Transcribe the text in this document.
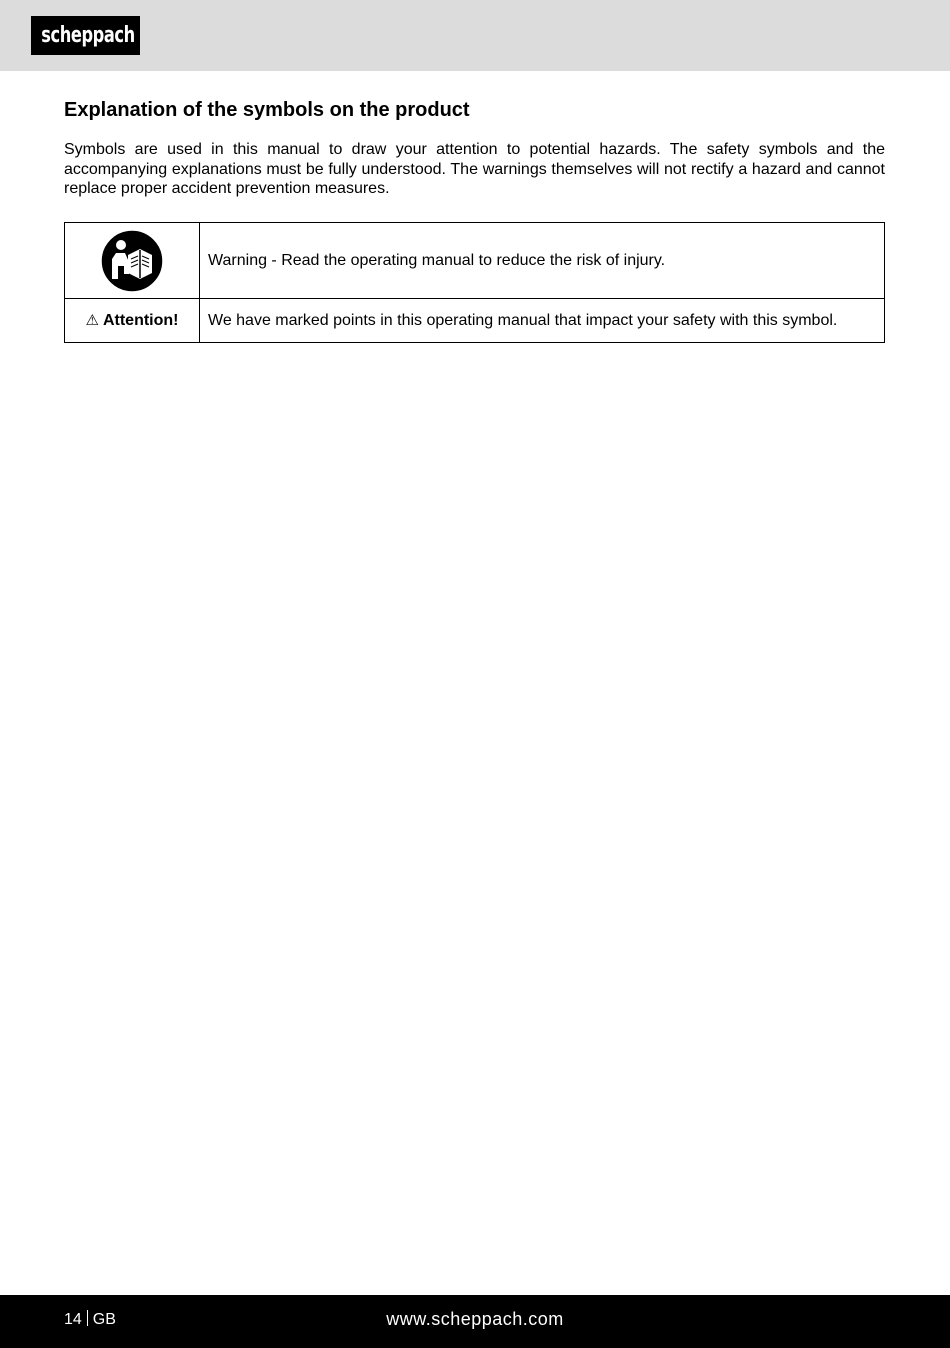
scheppach
Explanation of the symbols on the product

Symbols are used in this manual to draw your attention to potential hazards. The safety symbols and the accompanying explanations must be fully understood. The warnings themselves will not rectify a hazard and cannot replace proper accident prevention measures.

	Warning - Read the operating manual to reduce the risk of injury.
⚠ Attention!	We have marked points in this operating manual that impact your safety with this symbol.
14 GB	www.scheppach.com
